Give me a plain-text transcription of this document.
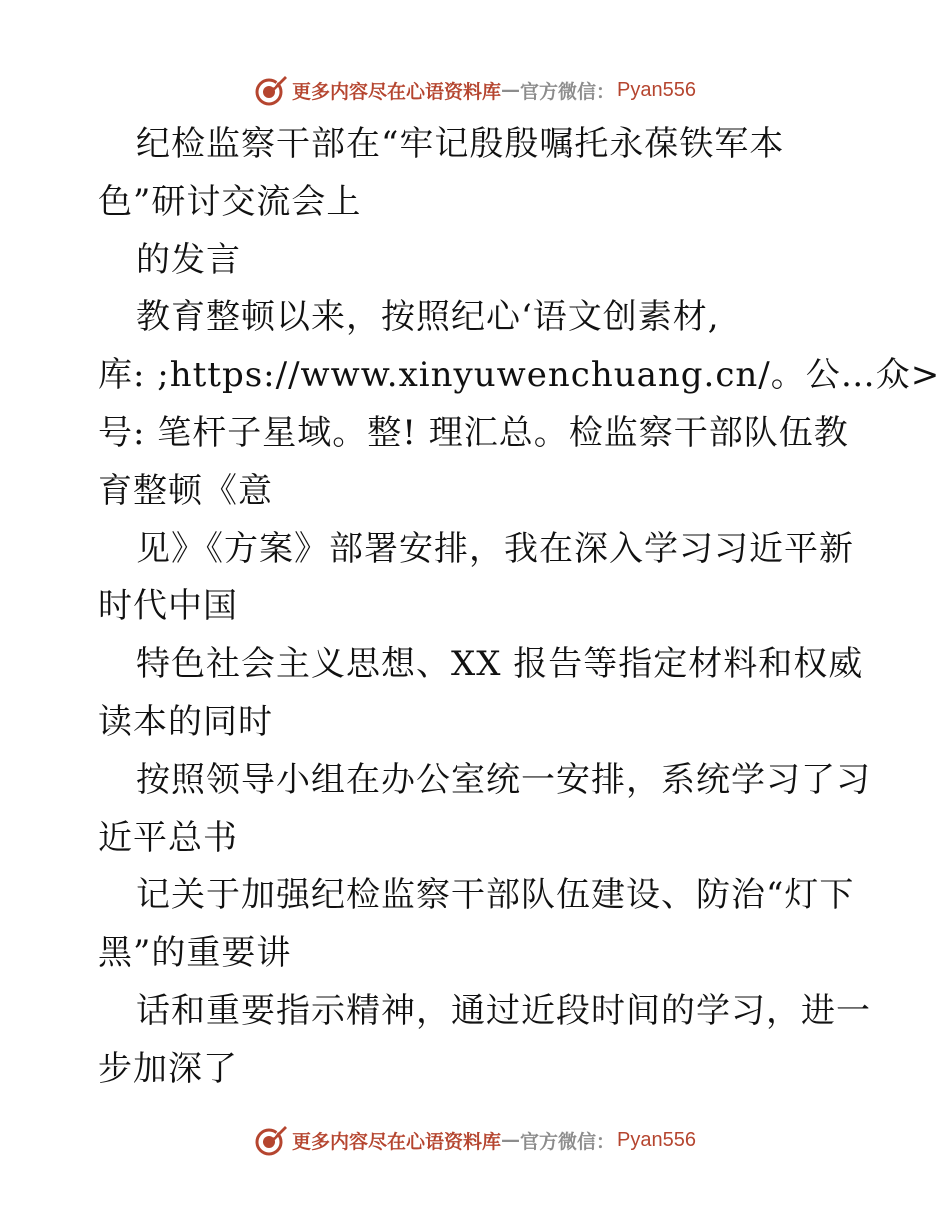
更多内容尽在心语资料库 — 官方微信： Pyan556
纪检监察干部在“牢记殷殷嘱托永葆铁军本
色”研讨交流会上
的发言
教育整顿以来，按照纪心‘语文创素材,
库: ;https://www.xinyuwenchuang.cn/。公…众>
号: 笔杆子星域。整! 理汇总。检监察干部队伍教
育整顿《意
见》《方案》部署安排，我在深入学习习近平新
时代中国
特色社会主义思想、XX 报告等指定材料和权威
读本的同时
按照领导小组在办公室统一安排，系统学习了习
近平总书
记关于加强纪检监察干部队伍建设、防治“灯下
黑”的重要讲
话和重要指示精神，通过近段时间的学习，进一
步加深了
更多内容尽在心语资料库 — 官方微信： Pyan556
